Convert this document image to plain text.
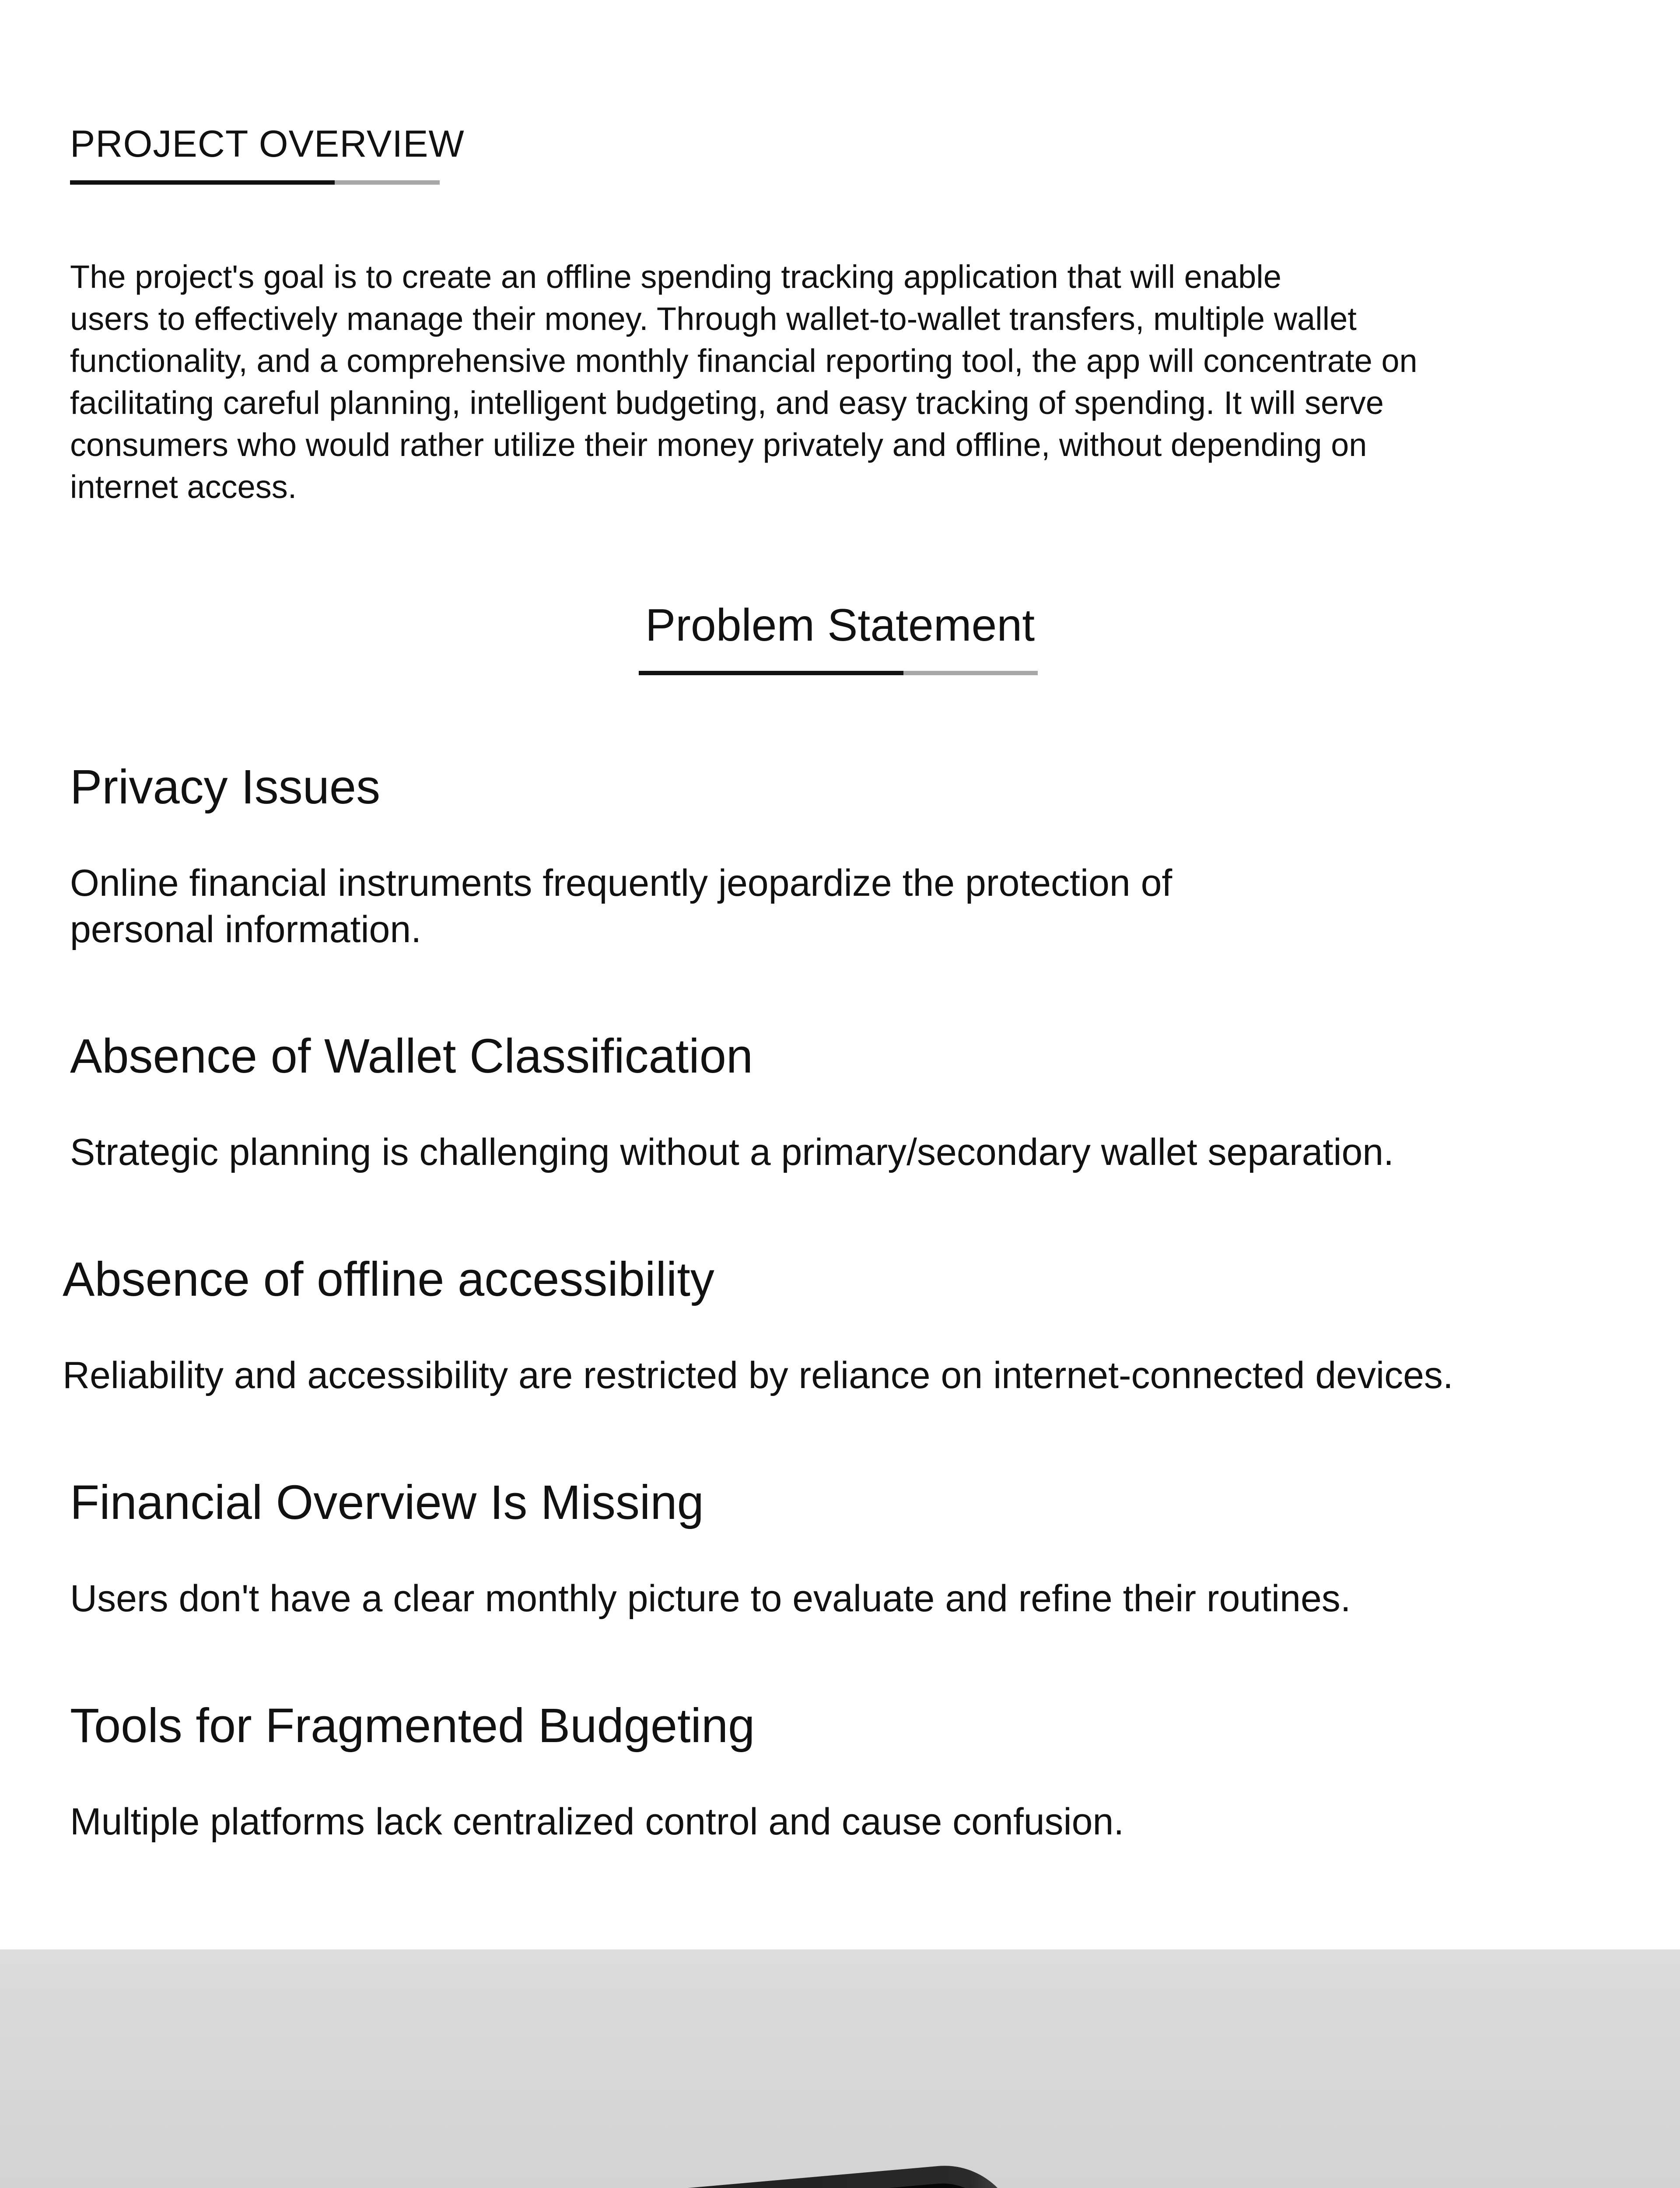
PROJECT OVERVIEW
The project's goal is to create an offline spending tracking application that will enable
users to effectively manage their money. Through wallet-to-wallet transfers, multiple wallet
functionality, and a comprehensive monthly financial reporting tool, the app will concentrate on
facilitating careful planning, intelligent budgeting, and easy tracking of spending. It will serve
consumers who would rather utilize their money privately and offline, without depending on
internet access.
Problem Statement
Privacy Issues
Online financial instruments frequently jeopardize the protection of
personal information.
Absence of Wallet Classification
Strategic planning is challenging without a primary/secondary wallet separation.
Absence of offline accessibility
Reliability and accessibility are restricted by reliance on internet-connected devices.
Financial Overview Is Missing
Users don't have a clear monthly picture to evaluate and refine their routines.
Tools for Fragmented Budgeting
Multiple platforms lack centralized control and cause confusion.
